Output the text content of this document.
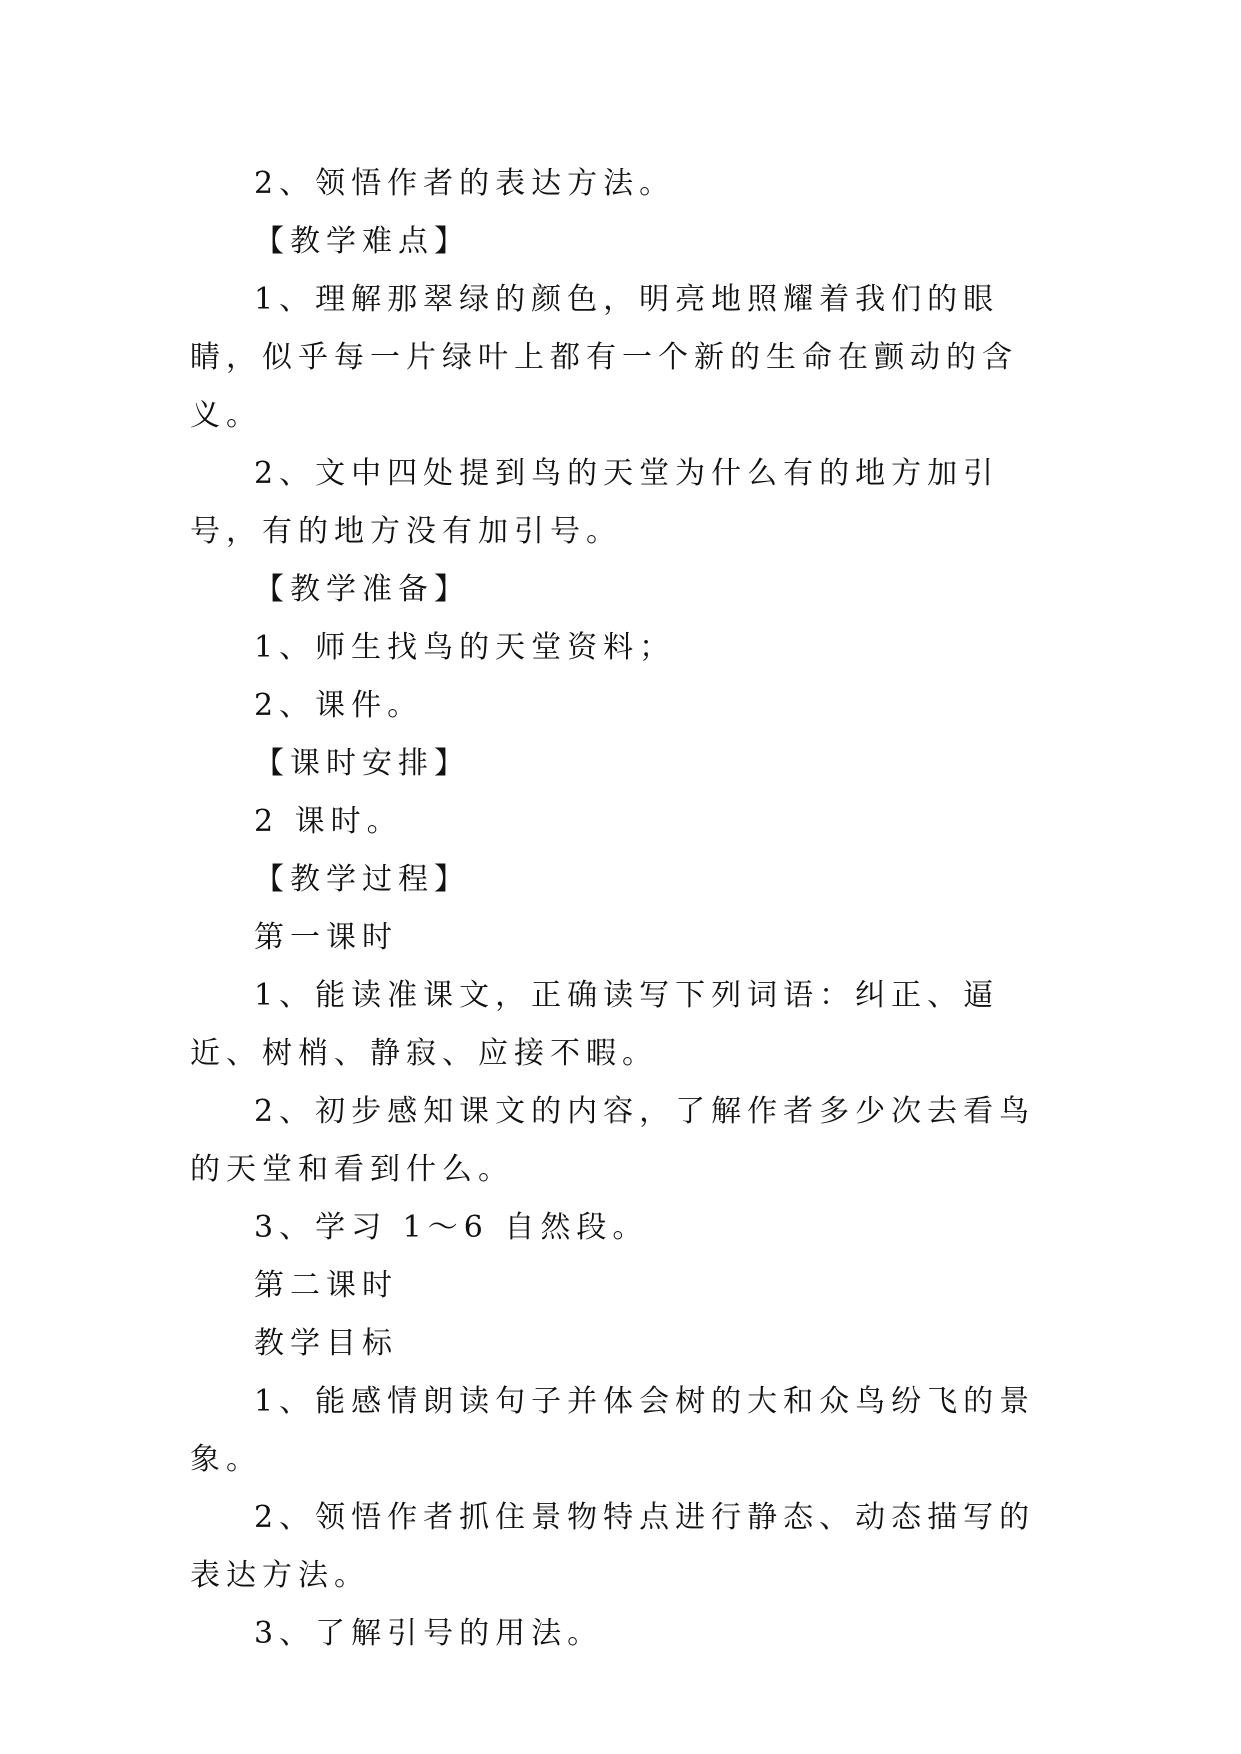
2、领悟作者的表达方法。

【教学难点】

1、理解那翠绿的颜色，明亮地照耀着我们的眼睛，似乎每一片绿叶上都有一个新的生命在颤动的含义。

2、文中四处提到鸟的天堂为什么有的地方加引号，有的地方没有加引号。

【教学准备】

1、师生找鸟的天堂资料；

2、课件。

【课时安排】

2 课时。

【教学过程】

第一课时

1、能读准课文，正确读写下列词语：纠正、逼近、树梢、静寂、应接不暇。

2、初步感知课文的内容，了解作者多少次去看鸟的天堂和看到什么。

3、学习 1～6 自然段。

第二课时

教学目标

1、能感情朗读句子并体会树的大和众鸟纷飞的景象。

2、领悟作者抓住景物特点进行静态、动态描写的表达方法。

3、了解引号的用法。
